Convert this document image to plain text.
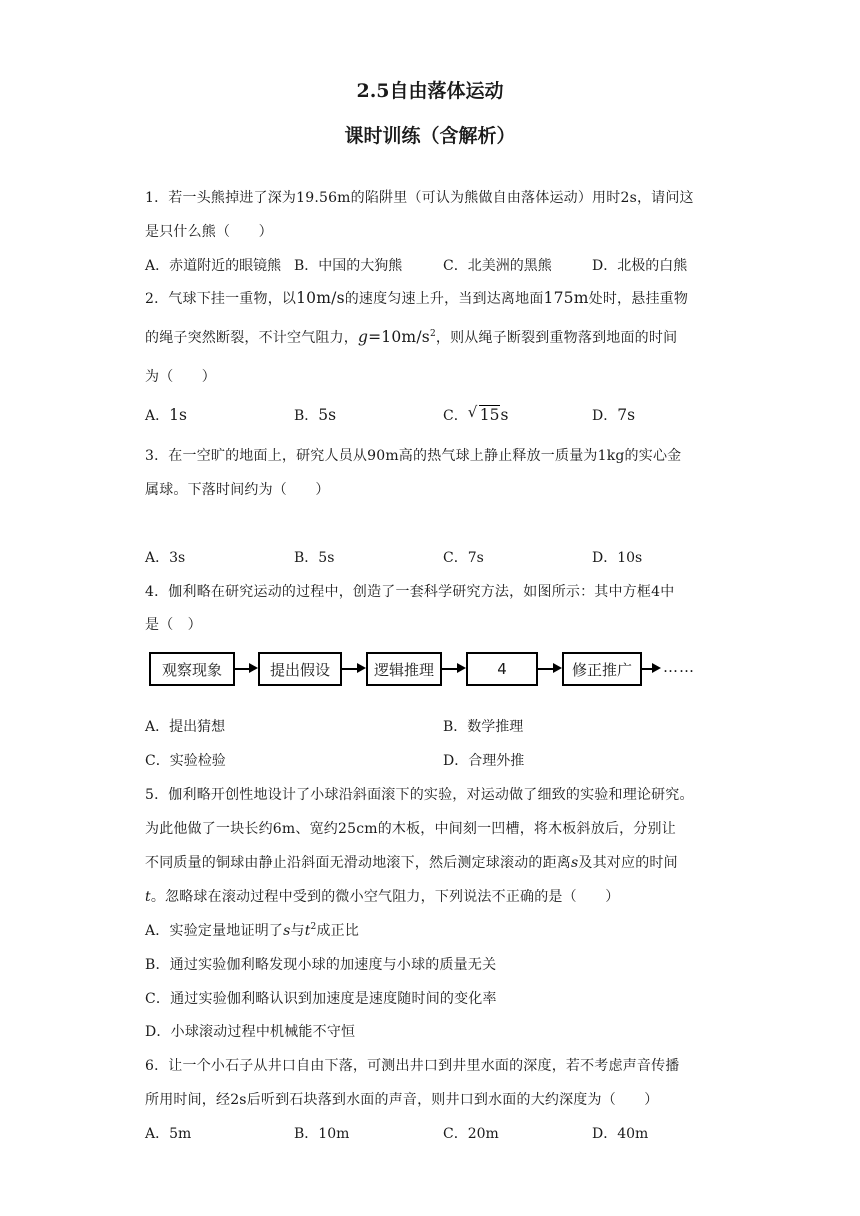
2.5自由落体运动
课时训练（含解析）
1．若一头熊掉进了深为19.56m的陷阱里（可认为熊做自由落体运动）用时2s，请问这
是只什么熊（　　）
A．赤道附近的眼镜熊 B．中国的大狗熊	C．北美洲的黑熊	D．北极的白熊
2．气球下挂一重物，以10m/s的速度匀速上升，当到达离地面175m处时，悬挂重物
的绳子突然断裂，不计空气阻力，$g=10m/s^2$，则从绳子断裂到重物落到地面的时间
为（　　）
A．1s	B．5s	C． √ 15s	D．7s
3．在一空旷的地面上，研究人员从90m高的热气球上静止释放一质量为1kg的实心金
属球。下落时间约为（　　）
A．3s	B．5s	C．7s	D．10s
4．伽利略在研究运动的过程中，创造了一套科学研究方法，如图所示：其中方框4中
是（　）
观察现象	提出假设	逻辑推理	4	修正推广	……
A．提出猜想	B．数学推理
C．实验检验	D．合理外推
5．伽利略开创性地设计了小球沿斜面滚下的实验，对运动做了细致的实验和理论研究。
为此他做了一块长约6m、宽约25cm的木板，中间刻一凹槽，将木板斜放后，分别让
不同质量的铜球由静止沿斜面无滑动地滚下，然后测定球滚动的距离s及其对应的时间
t。忽略球在滚动过程中受到的微小空气阻力，下列说法不正确的是（　　）
A．实验定量地证明了s与$t^2$成正比
B．通过实验伽利略发现小球的加速度与小球的质量无关
C．通过实验伽利略认识到加速度是速度随时间的变化率
D．小球滚动过程中机械能不守恒
6．让一个小石子从井口自由下落，可测出井口到井里水面的深度，若不考虑声音传播
所用时间，经2s后听到石块落到水面的声音，则井口到水面的大约深度为（　　）
A．5m	B．10m	C．20m	D．40m
